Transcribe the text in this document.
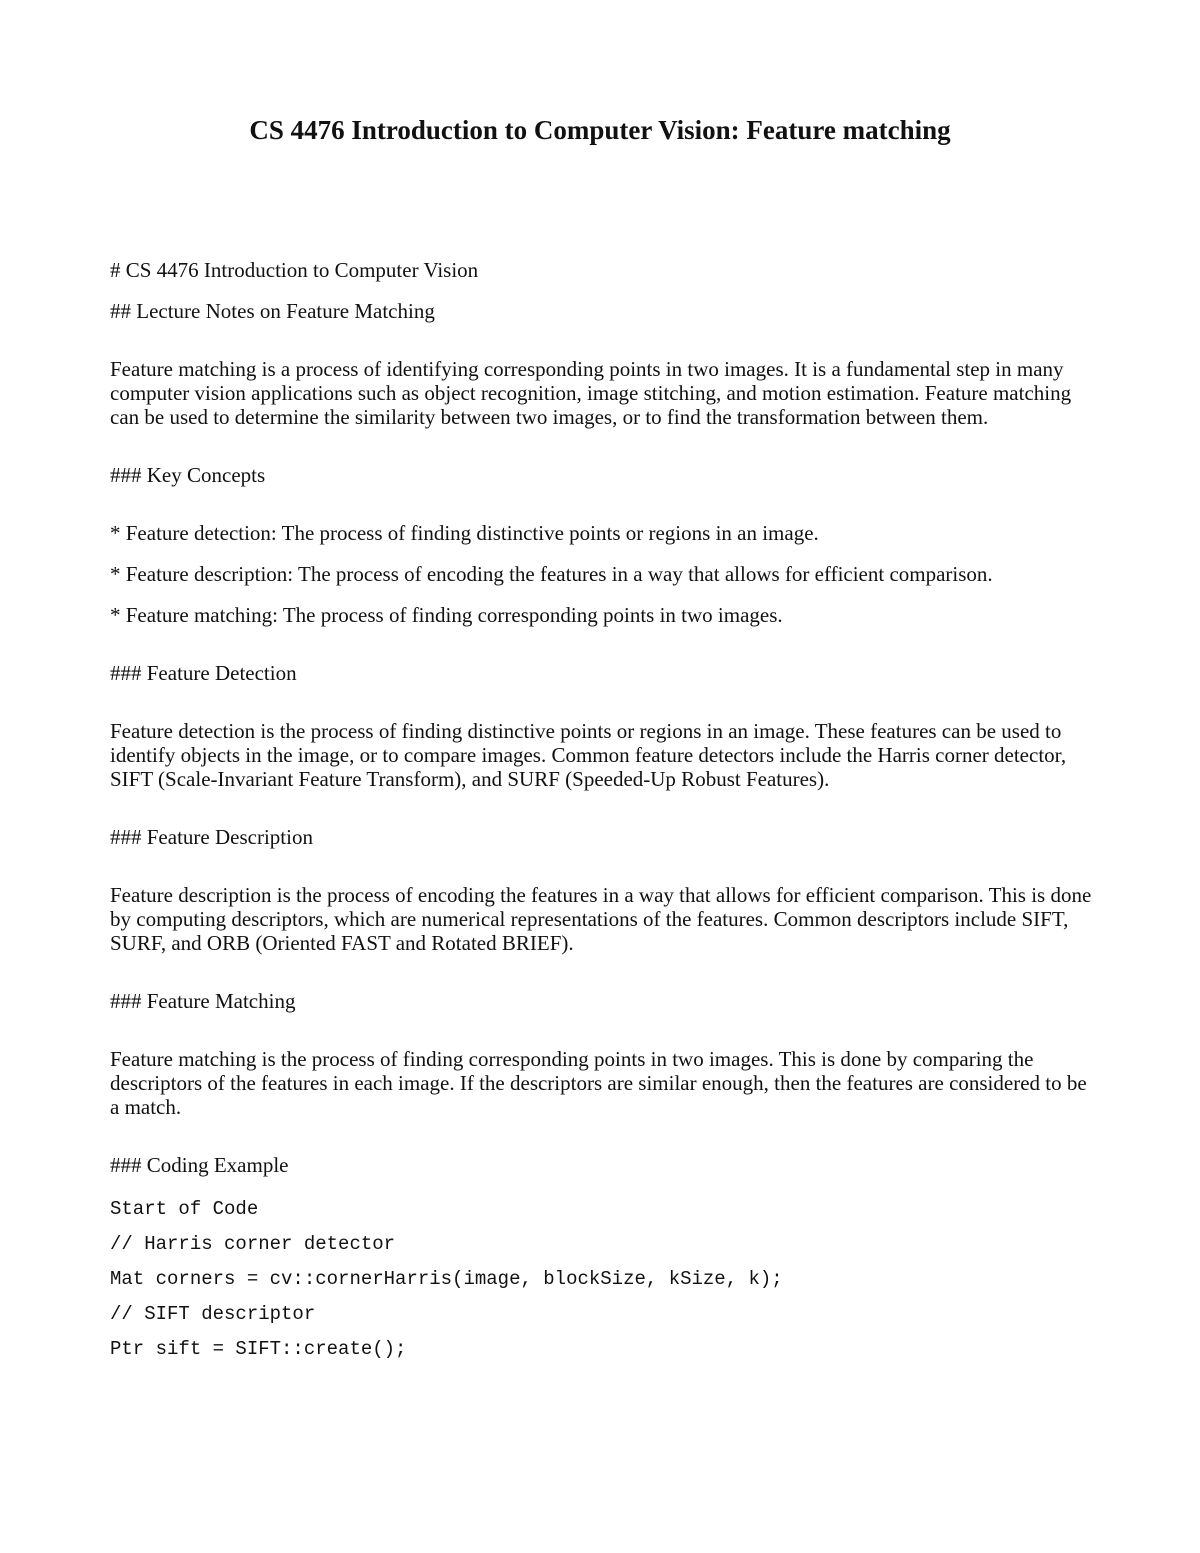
CS 4476 Introduction to Computer Vision: Feature matching

# CS 4476 Introduction to Computer Vision

## Lecture Notes on Feature Matching

Feature matching is a process of identifying corresponding points in two images. It is a fundamental step in many computer vision applications such as object recognition, image stitching, and motion estimation. Feature matching can be used to determine the similarity between two images, or to find the transformation between them.

### Key Concepts

* Feature detection: The process of finding distinctive points or regions in an image.

* Feature description: The process of encoding the features in a way that allows for efficient comparison.

* Feature matching: The process of finding corresponding points in two images.

### Feature Detection

Feature detection is the process of finding distinctive points or regions in an image. These features can be used to identify objects in the image, or to compare images. Common feature detectors include the Harris corner detector, SIFT (Scale-Invariant Feature Transform), and SURF (Speeded-Up Robust Features).

### Feature Description

Feature description is the process of encoding the features in a way that allows for efficient comparison. This is done by computing descriptors, which are numerical representations of the features. Common descriptors include SIFT, SURF, and ORB (Oriented FAST and Rotated BRIEF).

### Feature Matching

Feature matching is the process of finding corresponding points in two images. This is done by comparing the descriptors of the features in each image. If the descriptors are similar enough, then the features are considered to be a match.

### Coding Example

Start of Code

// Harris corner detector

Mat corners = cv::cornerHarris(image, blockSize, kSize, k);

// SIFT descriptor

Ptr sift = SIFT::create();
